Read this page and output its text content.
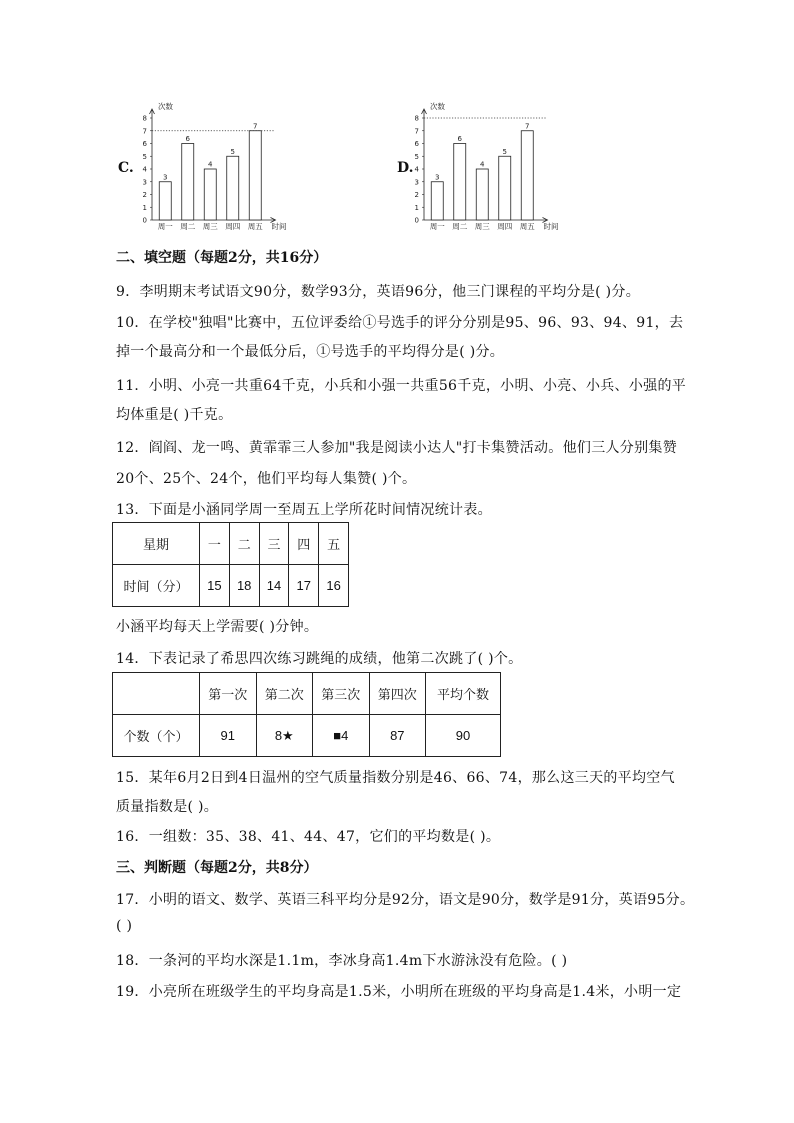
C.
次数
时间
0
1
2
3
4
5
6
7
8
3
周一
6
周二
4
周三
5
周四
7
周五
D.
次数
时间
0
1
2
3
4
5
6
7
8
3
周一
6
周二
4
周三
5
周四
7
周五
二、填空题（每题2分，共16分）
9．李明期末考试语文90分，数学93分，英语96分，他三门课程的平均分是( )分。
10．在学校"独唱"比赛中，五位评委给①号选手的评分分别是95、96、93、94、91，去
掉一个最高分和一个最低分后，①号选手的平均得分是( )分。
11．小明、小亮一共重64千克，小兵和小强一共重56千克，小明、小亮、小兵、小强的平
均体重是( )千克。
12．阎阎、龙一鸣、黄霏霏三人参加"我是阅读小达人"打卡集赞活动。他们三人分别集赞
20个、25个、24个，他们平均每人集赞( )个。
13．下面是小涵同学周一至周五上学所花时间情况统计表。
星期	一	二	三	四	五
时间（分）	15	18	14	17	16
小涵平均每天上学需要( )分钟。
14．下表记录了希思四次练习跳绳的成绩，他第二次跳了( )个。
	第一次	第二次	第三次	第四次	平均个数
个数（个）	91	8★	■4	87	90
15．某年6月2日到4日温州的空气质量指数分别是46、66、74，那么这三天的平均空气
质量指数是( )。
16．一组数：35、38、41、44、47，它们的平均数是( )。
三、判断题（每题2分，共8分）
17．小明的语文、数学、英语三科平均分是92分，语文是90分，数学是91分，英语95分。
( )
18．一条河的平均水深是1.1m，李冰身高1.4m下水游泳没有危险。( )
19．小亮所在班级学生的平均身高是1.5米，小明所在班级的平均身高是1.4米，小明一定
